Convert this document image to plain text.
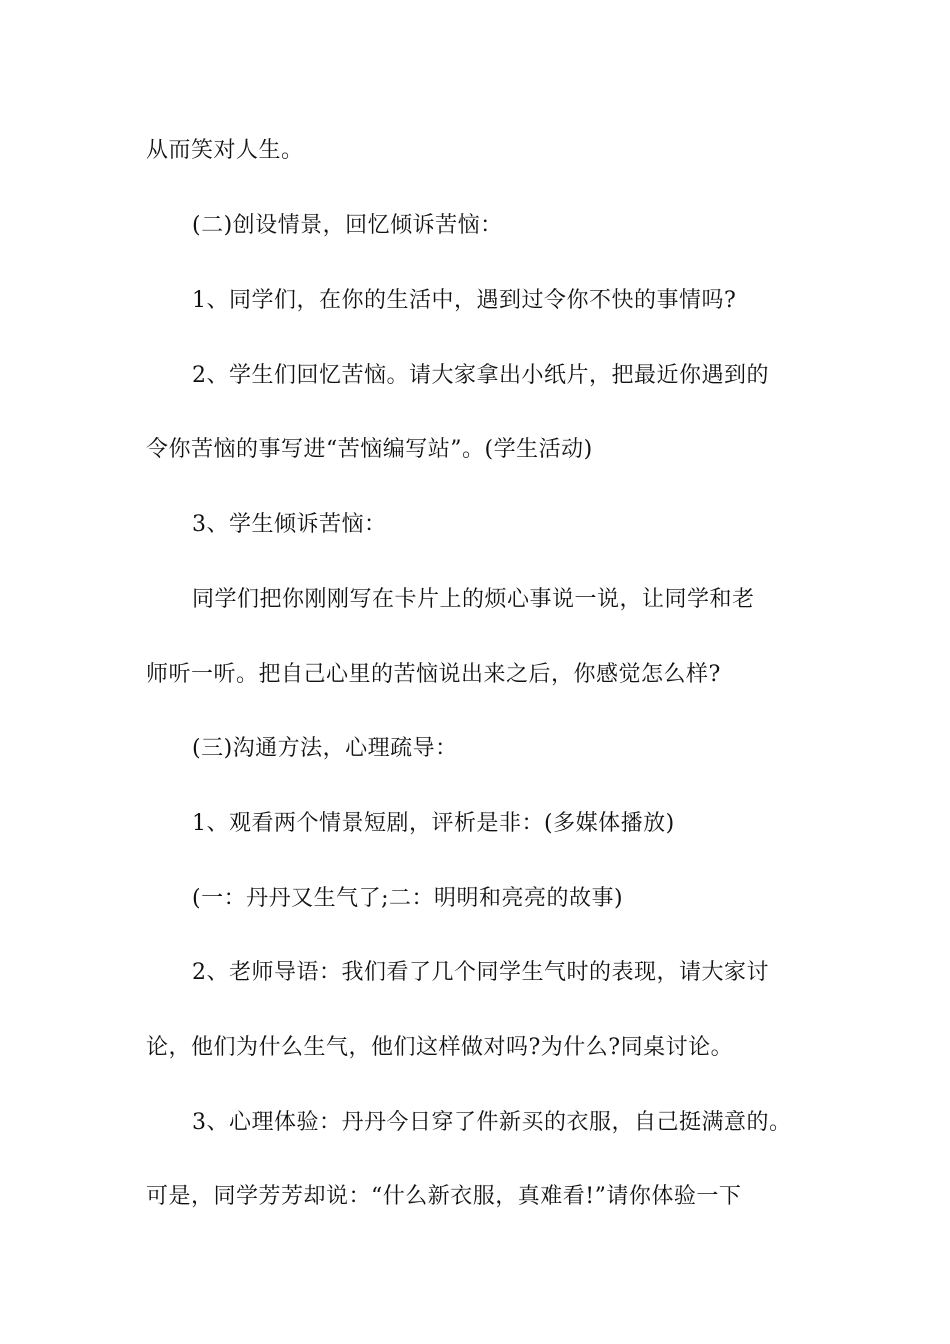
从而笑对人生。
(二)创设情景，回忆倾诉苦恼：
1、同学们，在你的生活中，遇到过令你不快的事情吗?
2、学生们回忆苦恼。请大家拿出小纸片，把最近你遇到的
令你苦恼的事写进“苦恼编写站”。(学生活动)
3、学生倾诉苦恼：
同学们把你刚刚写在卡片上的烦心事说一说，让同学和老
师听一听。把自己心里的苦恼说出来之后，你感觉怎么样?
(三)沟通方法，心理疏导：
1、观看两个情景短剧，评析是非：(多媒体播放)
(一：丹丹又生气了;二：明明和亮亮的故事)
2、老师导语：我们看了几个同学生气时的表现，请大家讨
论，他们为什么生气，他们这样做对吗?为什么?同桌讨论。
3、心理体验：丹丹今日穿了件新买的衣服，自己挺满意的。
可是，同学芳芳却说：“什么新衣服，真难看!”请你体验一下
